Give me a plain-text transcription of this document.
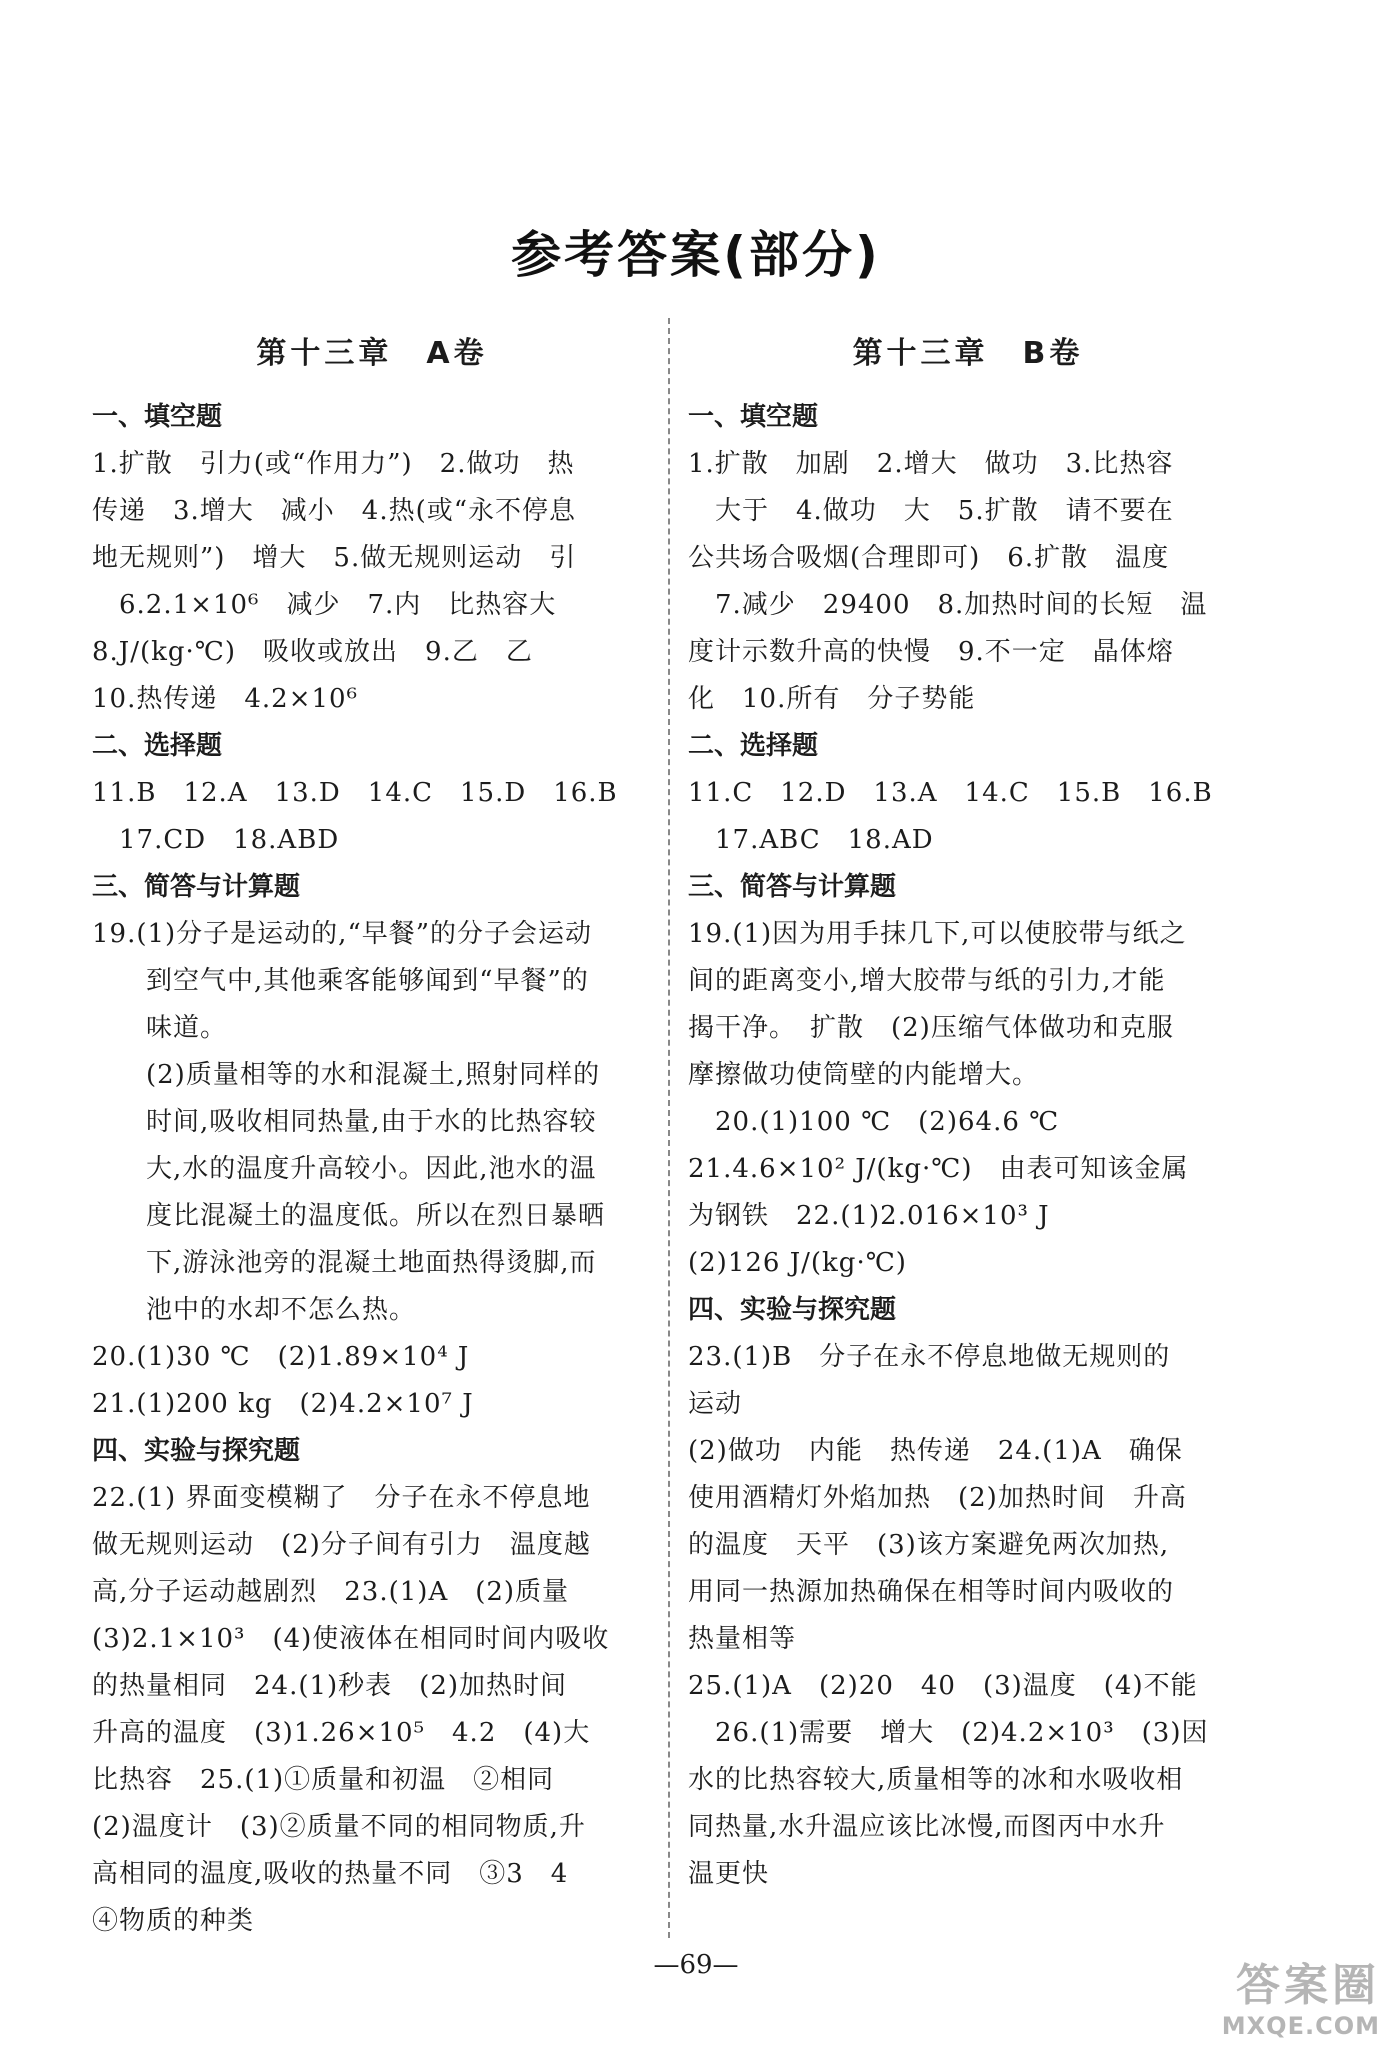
参考答案(部分)
第十三章　A卷
一、填空题
1.扩散　引力(或“作用力”)　2.做功　热
传递　3.增大　减小　4.热(或“永不停息
地无规则”)　增大　5.做无规则运动　引
　6.2.1×10⁶　减少　7.内　比热容大
8.J/(kg·℃)　吸收或放出　9.乙　乙
10.热传递　4.2×10⁶
二、选择题
11.B　12.A　13.D　14.C　15.D　16.B
　17.CD　18.ABD
三、简答与计算题
19.(1)分子是运动的,“早餐”的分子会运动
　　到空气中,其他乘客能够闻到“早餐”的
　　味道。
　　(2)质量相等的水和混凝土,照射同样的
　　时间,吸收相同热量,由于水的比热容较
　　大,水的温度升高较小。因此,池水的温
　　度比混凝土的温度低。所以在烈日暴晒
　　下,游泳池旁的混凝土地面热得烫脚,而
　　池中的水却不怎么热。
20.(1)30 ℃　(2)1.89×10⁴ J
21.(1)200 kg　(2)4.2×10⁷ J
四、实验与探究题
22.(1) 界面变模糊了　分子在永不停息地
做无规则运动　(2)分子间有引力　温度越
高,分子运动越剧烈　23.(1)A　(2)质量
(3)2.1×10³　(4)使液体在相同时间内吸收
的热量相同　24.(1)秒表　(2)加热时间
升高的温度　(3)1.26×10⁵　4.2　(4)大
比热容　25.(1)①质量和初温　②相同
(2)温度计　(3)②质量不同的相同物质,升
高相同的温度,吸收的热量不同　③3　4
④物质的种类
第十三章　B卷
一、填空题
1.扩散　加剧　2.增大　做功　3.比热容
　大于　4.做功　大　5.扩散　请不要在
公共场合吸烟(合理即可)　6.扩散　温度
　7.减少　29400　8.加热时间的长短　温
度计示数升高的快慢　9.不一定　晶体熔
化　10.所有　分子势能
二、选择题
11.C　12.D　13.A　14.C　15.B　16.B
　17.ABC　18.AD
三、简答与计算题
19.(1)因为用手抹几下,可以使胶带与纸之
间的距离变小,增大胶带与纸的引力,才能
揭干净。　扩散　(2)压缩气体做功和克服
摩擦做功使筒壁的内能增大。
　20.(1)100 ℃　(2)64.6 ℃
21.4.6×10² J/(kg·℃)　由表可知该金属
为钢铁　22.(1)2.016×10³ J
(2)126 J/(kg·℃)
四、实验与探究题
23.(1)B　分子在永不停息地做无规则的
运动
(2)做功　内能　热传递　24.(1)A　确保
使用酒精灯外焰加热　(2)加热时间　升高
的温度　天平　(3)该方案避免两次加热,
用同一热源加热确保在相等时间内吸收的
热量相等
25.(1)A　(2)20　40　(3)温度　(4)不能
　26.(1)需要　增大　(2)4.2×10³　(3)因
水的比热容较大,质量相等的冰和水吸收相
同热量,水升温应该比冰慢,而图丙中水升
温更快
—69—	答案圈
MXQE.COM
